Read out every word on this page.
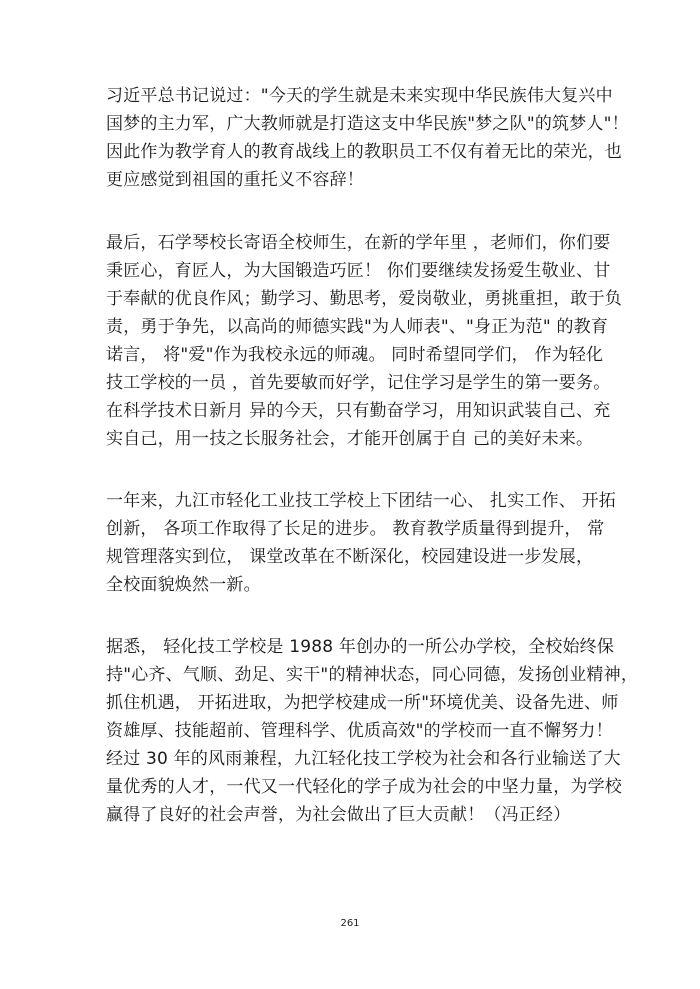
习近平总书记说过："今天的学生就是未来实现中华民族伟大复兴中
国梦的主力军，广大教师就是打造这支中华民族"梦之队"的筑梦人"！
因此作为教学育人的教育战线上的教职员工不仅有着无比的荣光，也
更应感觉到祖国的重托义不容辞！
最后，石学琴校长寄语全校师生，在新的学年里 ，老师们，你们要
秉匠心，育匠人，为大国锻造巧匠！ 你们要继续发扬爱生敬业、甘
于奉献的优良作风；勤学习、勤思考，爱岗敬业，勇挑重担，敢于负
责，勇于争先，以高尚的师德实践"为人师表"、"身正为范" 的教育
诺言， 将"爱"作为我校永远的师魂。 同时希望同学们， 作为轻化
技工学校的一员 ，首先要敏而好学，记住学习是学生的第一要务。
在科学技术日新月 异的今天，只有勤奋学习，用知识武装自己、充
实自己，用一技之长服务社会，才能开创属于自 己的美好未来。
一年来，九江市轻化工业技工学校上下团结一心、 扎实工作、 开拓
创新， 各项工作取得了长足的进步。 教育教学质量得到提升， 常
规管理落实到位， 课堂改革在不断深化，校园建设进一步发展，
全校面貌焕然一新。
据悉， 轻化技工学校是 1988 年创办的一所公办学校，全校始终保
持"心齐、气顺、劲足、实干"的精神状态，同心同德，发扬创业精神，
抓住机遇， 开拓进取，为把学校建成一所"环境优美、设备先进、师
资雄厚、技能超前、管理科学、优质高效"的学校而一直不懈努力！
经过 30 年的风雨兼程，九江轻化技工学校为社会和各行业输送了大
量优秀的人才，一代又一代轻化的学子成为社会的中坚力量，为学校
赢得了良好的社会声誉，为社会做出了巨大贡献！（冯正经）
261
